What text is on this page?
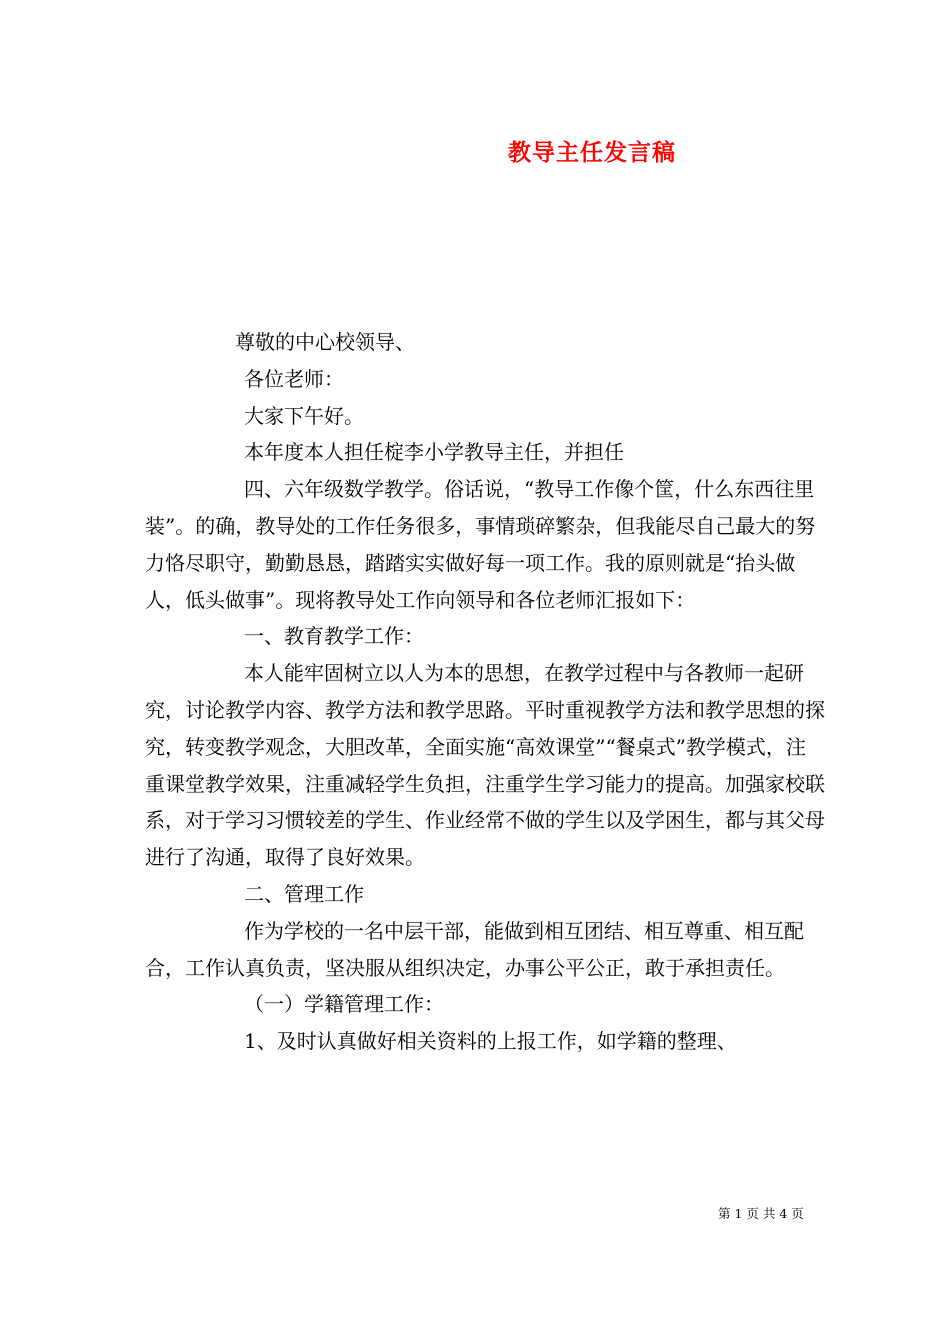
教导主任发言稿

尊敬的中心校领导、

各位老师：

大家下午好。

本年度本人担任椗李小学教导主任，并担任

四、六年级数学教学。俗话说，“教导工作像个筐，什么东西往里装”。的确，教导处的工作任务很多，事情琐碎繁杂，但我能尽自己最大的努力恪尽职守，勤勤恳恳，踏踏实实做好每一项工作。我的原则就是“抬头做人，低头做事”。现将教导处工作向领导和各位老师汇报如下：

一、教育教学工作：

本人能牢固树立以人为本的思想，在教学过程中与各教师一起研究，讨论教学内容、教学方法和教学思路。平时重视教学方法和教学思想的探究，转变教学观念，大胆改革，全面实施“高效课堂”“餐桌式”教学模式，注重课堂教学效果，注重减轻学生负担，注重学生学习能力的提高。加强家校联系，对于学习习惯较差的学生、作业经常不做的学生以及学困生，都与其父母进行了沟通，取得了良好效果。

二、管理工作

作为学校的一名中层干部，能做到相互团结、相互尊重、相互配合，工作认真负责，坚决服从组织决定，办事公平公正，敢于承担责任。

（一）学籍管理工作：

1、及时认真做好相关资料的上报工作，如学籍的整理、

第 1 页 共 4 页
